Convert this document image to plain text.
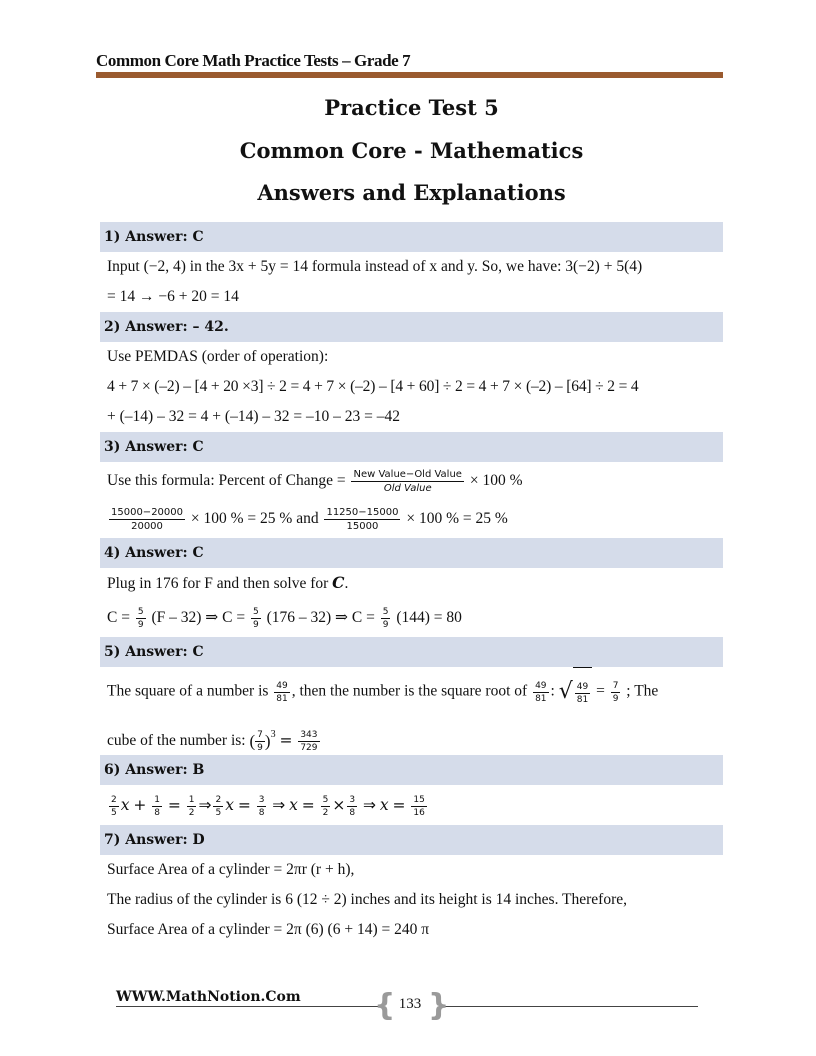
Common Core Math Practice Tests – Grade 7
Practice Test 5
Common Core - Mathematics
Answers and Explanations
1) Answer: C
Input (−2, 4) in the 3x + 5y = 14 formula instead of x and y. So, we have: 3(−2) + 5(4)
= 14 → −6 + 20 = 14
2) Answer: – 42.
Use PEMDAS (order of operation):
4 + 7 × (–2) – [4 + 20 ×3] ÷ 2 = 4 + 7 × (–2) – [4 + 60] ÷ 2 = 4 + 7 × (–2) – [64] ÷ 2 = 4
+ (–14) – 32 = 4 + (–14) – 32 = –10 – 23 = –42
3) Answer: C
Use this formula: Percent of Change = $\frac{\text{New Value−Old Value}}{\text{Old Value}} \times 100$ %
$\frac{15000-20000}{20000} \times 100$ % = 25 % and $\frac{11250-15000}{15000} \times 100$ % = 25 %
4) Answer: C
Plug in 176 for F and then solve for C.
$C = \frac{5}{9} (F - 32)$ ⇒ $C = \frac{5}{9} (176 - 32)$ ⇒ $C = \frac{5}{9} (144) = 80$
5) Answer: C
The square of a number is $\frac{49}{81}$ , then the number is the square root of $\frac{49}{81}$ : √ $\frac{49}{81} = \frac{7}{9}$ ; The
cube of the number is: ( $\frac{7}{9} )^3 = \frac{343}{729}$
6) Answer: B
$\frac{2}{5}$ $x + \frac{1}{8} = \frac{1}{2}$ ⇒ $\frac{2}{5}$ $x = \frac{3}{8}$ ⇒ $x = \frac{5}{2} \times \frac{3}{8}$ ⇒ $x = \frac{15}{16}$
7) Answer: D
Surface Area of a cylinder = 2πr (r + h),
The radius of the cylinder is 6 (12 ÷ 2) inches and its height is 14 inches. Therefore,
Surface Area of a cylinder = 2π (6) (6 + 14) = 240 π
WWW.MathNotion.Com { }
133
